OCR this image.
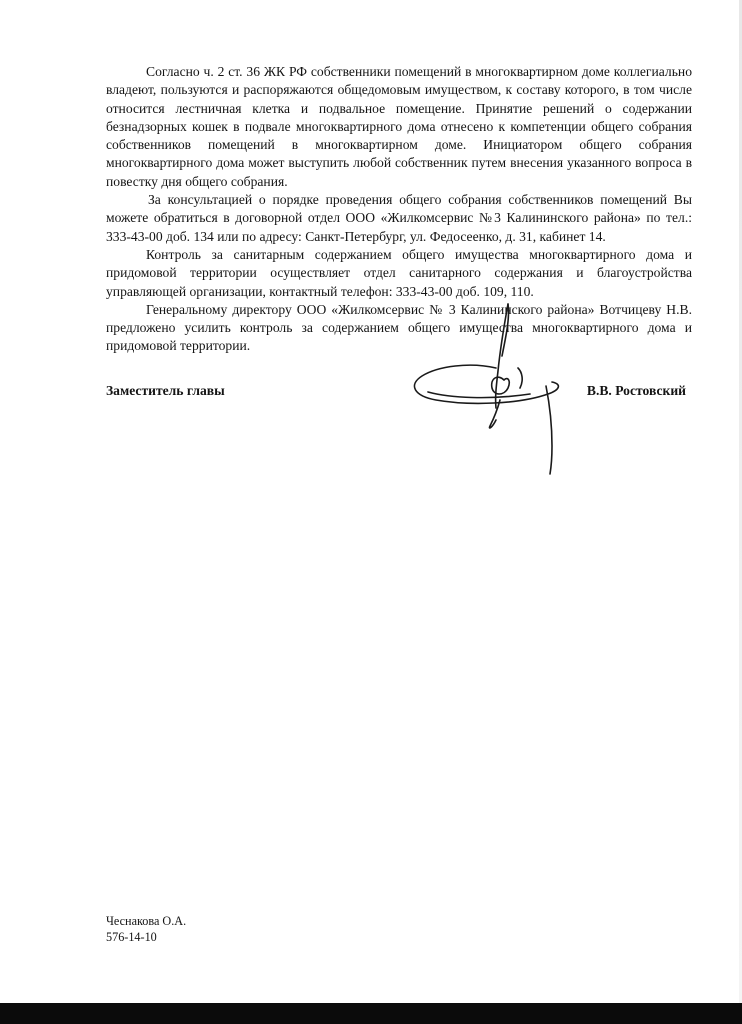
Согласно ч. 2 ст. 36 ЖК РФ собственники помещений в многоквартирном доме коллегиально владеют, пользуются и распоряжаются общедомовым имуществом, к составу которого, в том числе относится лестничная клетка и подвальное помещение. Принятие решений о содержании безнадзорных кошек в подвале многоквартирного дома отнесено к компетенции общего собрания собственников помещений в многоквартирном доме. Инициатором общего собрания многоквартирного дома может выступить любой собственник путем внесения указанного вопроса в повестку дня общего собрания.

За консультацией о порядке проведения общего собрания собственников помещений Вы можете обратиться в договорной отдел ООО «Жилкомсервис №3 Калининского района» по тел.: 333-43-00 доб. 134 или по адресу: Санкт-Петербург, ул. Федосеенко, д. 31, кабинет 14.

Контроль за санитарным содержанием общего имущества многоквартирного дома и придомовой территории осуществляет отдел санитарного содержания и благоустройства управляющей организации, контактный телефон: 333-43-00 доб. 109, 110.

Генеральному директору ООО «Жилкомсервис № 3 Калининского района» Вотчицеву Н.В. предложено усилить контроль за содержанием общего имущества многоквартирного дома и придомовой территории.

Заместитель главы	В.В. Ростовский
Чеснакова О.А.
576-14-10
